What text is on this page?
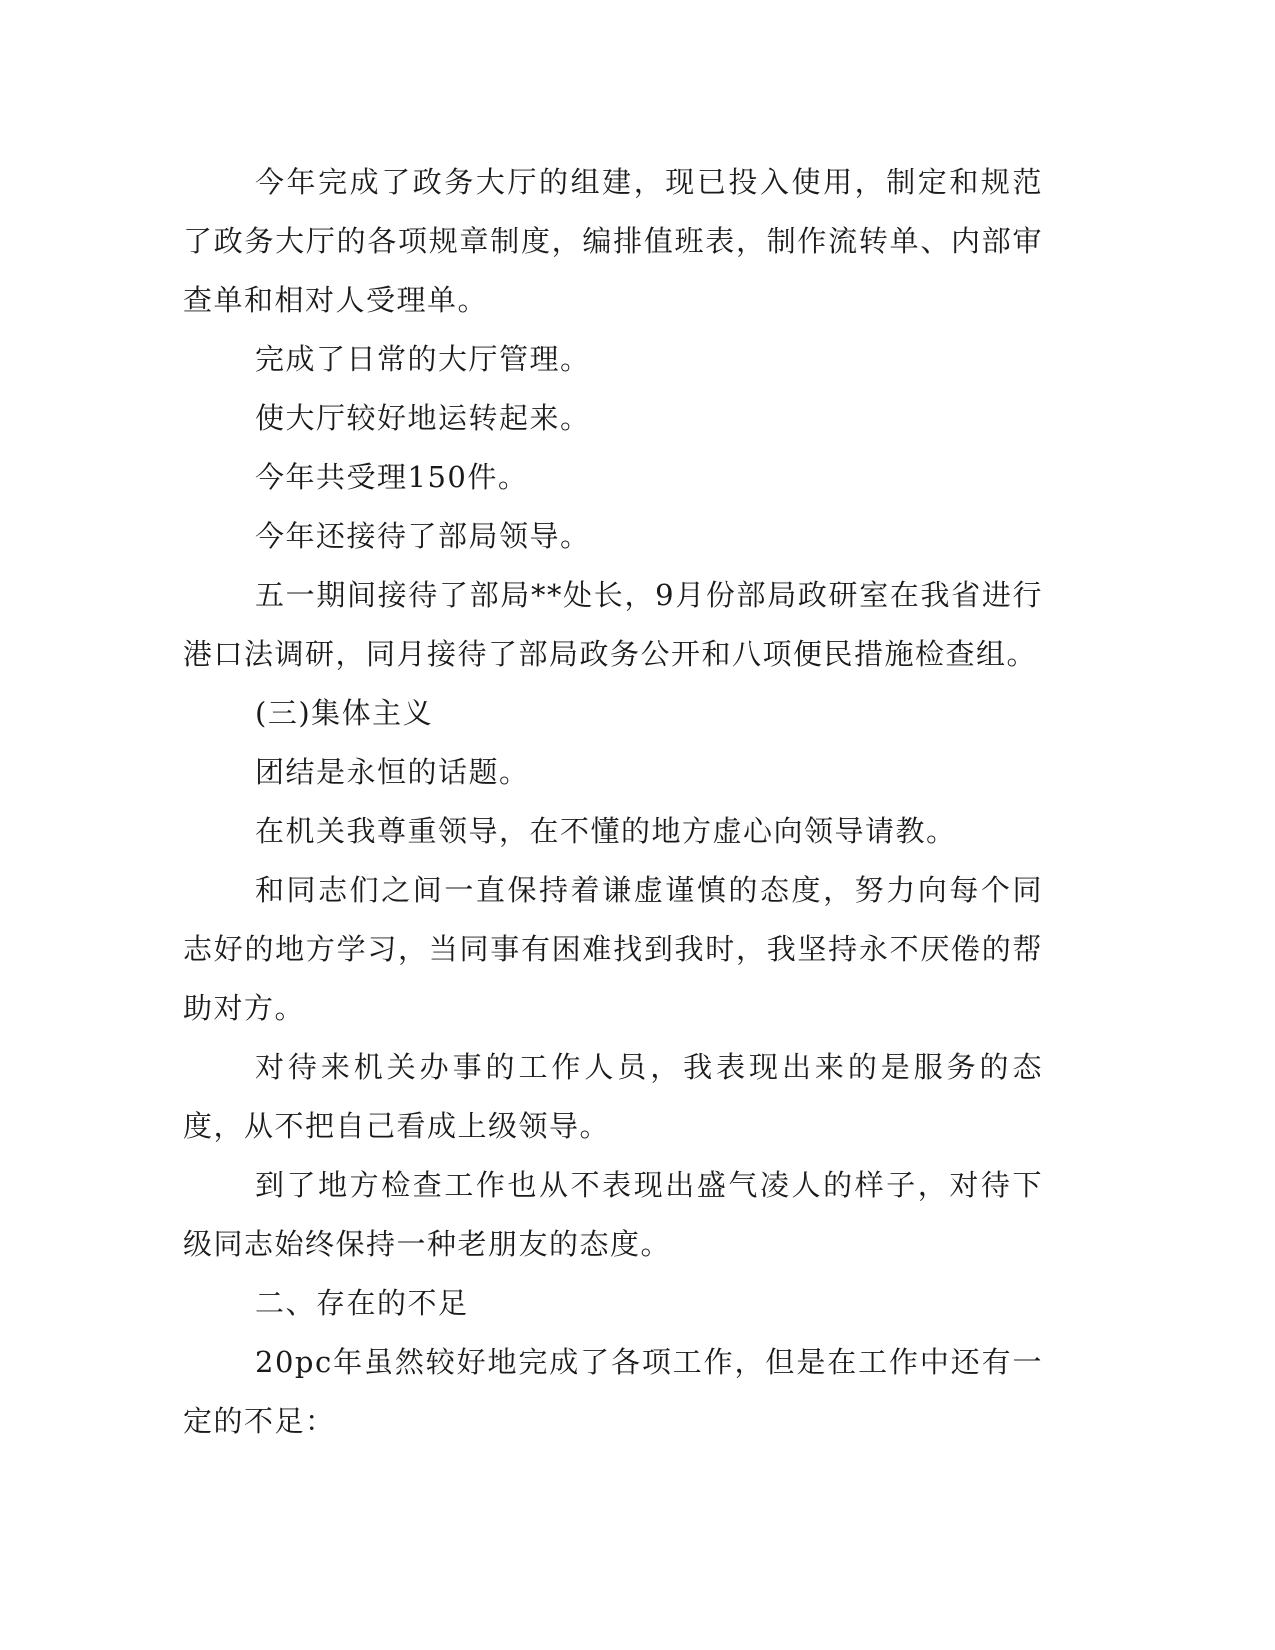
今年完成了政务大厅的组建，现已投入使用，制定和规范了政务大厅的各项规章制度，编排值班表，制作流转单、内部审查单和相对人受理单。

完成了日常的大厅管理。

使大厅较好地运转起来。

今年共受理150件。

今年还接待了部局领导。

五一期间接待了部局**处长，9月份部局政研室在我省进行港口法调研，同月接待了部局政务公开和八项便民措施检查组。

(三)集体主义

团结是永恒的话题。

在机关我尊重领导，在不懂的地方虚心向领导请教。

和同志们之间一直保持着谦虚谨慎的态度，努力向每个同志好的地方学习，当同事有困难找到我时，我坚持永不厌倦的帮助对方。

对待来机关办事的工作人员，我表现出来的是服务的态度，从不把自己看成上级领导。

到了地方检查工作也从不表现出盛气凌人的样子，对待下级同志始终保持一种老朋友的态度。

二、存在的不足

20pc年虽然较好地完成了各项工作，但是在工作中还有一定的不足：
